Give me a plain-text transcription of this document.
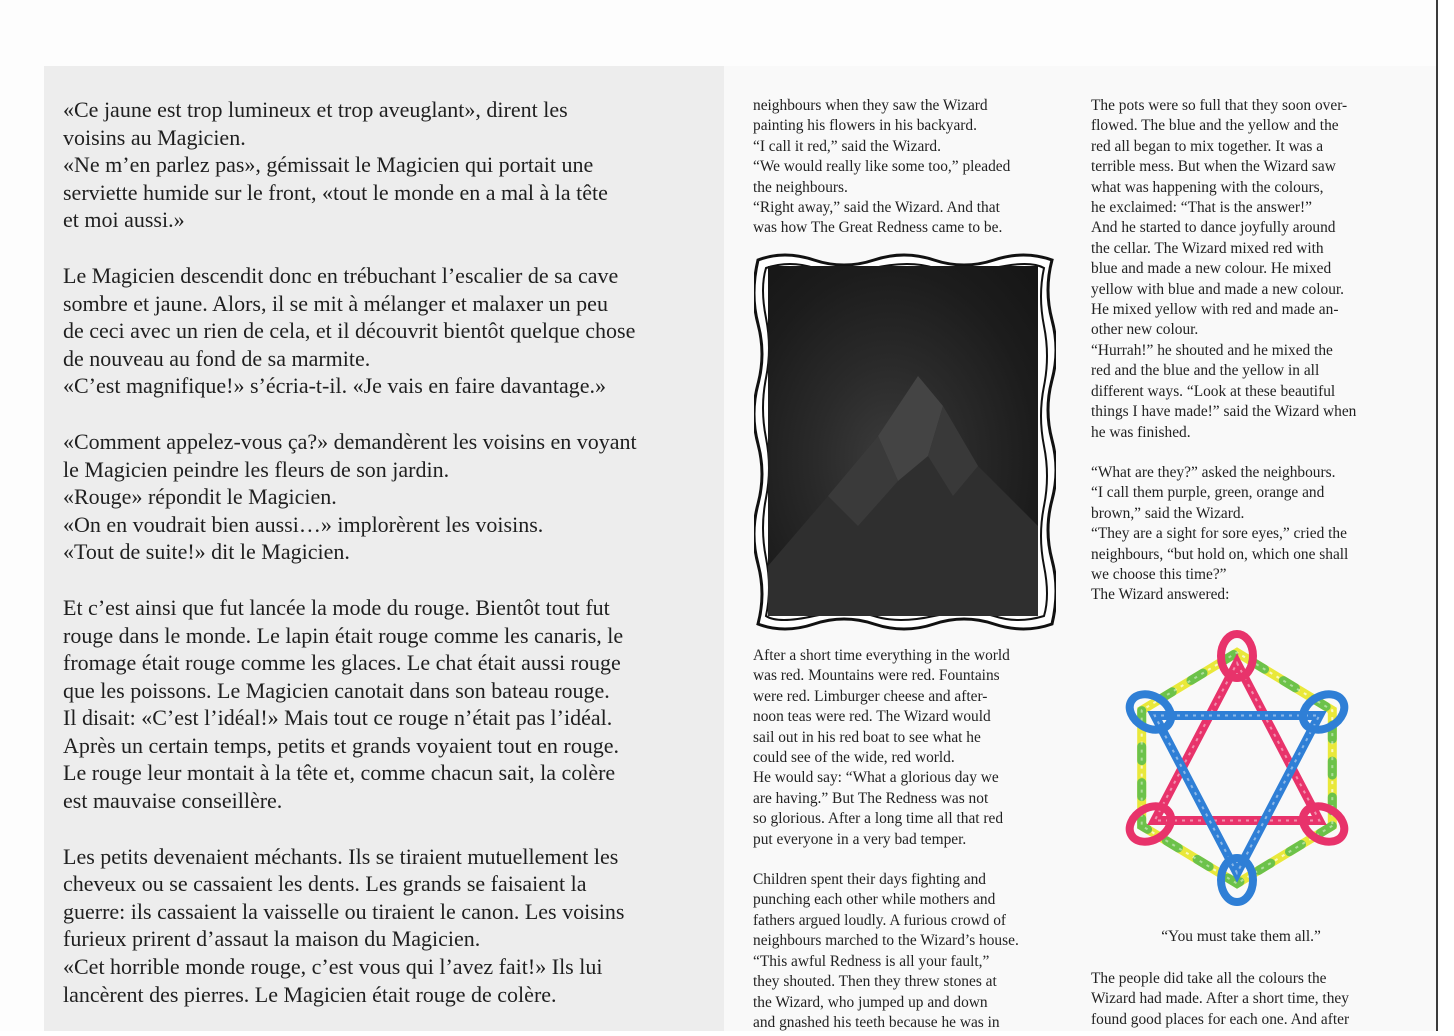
«Ce jaune est trop lumineux et trop aveuglant», dirent les
voisins au Magicien.
«Ne m’en parlez pas», gémissait le Magicien qui portait une
serviette humide sur le front, «tout le monde en a mal à la tête
et moi aussi.»

Le Magicien descendit donc en trébuchant l’escalier de sa cave
sombre et jaune. Alors, il se mit à mélanger et malaxer un peu
de ceci avec un rien de cela, et il découvrit bientôt quelque chose
de nouveau au fond de sa marmite.
«C’est magnifique!» s’écria-t-il. «Je vais en faire davantage.»

«Comment appelez-vous ça?» demandèrent les voisins en voyant
le Magicien peindre les fleurs de son jardin.
«Rouge» répondit le Magicien.
«On en voudrait bien aussi…» implorèrent les voisins.
«Tout de suite!» dit le Magicien.

Et c’est ainsi que fut lancée la mode du rouge. Bientôt tout fut
rouge dans le monde. Le lapin était rouge comme les canaris, le
fromage était rouge comme les glaces. Le chat était aussi rouge
que les poissons. Le Magicien canotait dans son bateau rouge.
Il disait: «C’est l’idéal!» Mais tout ce rouge n’était pas l’idéal.
Après un certain temps, petits et grands voyaient tout en rouge.
Le rouge leur montait à la tête et, comme chacun sait, la colère
est mauvaise conseillère.

Les petits devenaient méchants. Ils se tiraient mutuellement les
cheveux ou se cassaient les dents. Les grands se faisaient la
guerre: ils cassaient la vaisselle ou tiraient le canon. Les voisins
furieux prirent d’assaut la maison du Magicien.
«Cet horrible monde rouge, c’est vous qui l’avez fait!» Ils lui
lancèrent des pierres. Le Magicien était rouge de colère.

neighbours when they saw the Wizard
painting his flowers in his backyard.
“I call it red,” said the Wizard.
“We would really like some too,” pleaded
the neighbours.
“Right away,” said the Wizard. And that
was how The Great Redness came to be.

After a short time everything in the world
was red. Mountains were red. Fountains
were red. Limburger cheese and after-
noon teas were red. The Wizard would
sail out in his red boat to see what he
could see of the wide, red world.
He would say: “What a glorious day we
are having.” But The Redness was not
so glorious. After a long time all that red
put everyone in a very bad temper.
Children spent their days fighting and
punching each other while mothers and
fathers argued loudly. A furious crowd of
neighbours marched to the Wizard’s house.
“This awful Redness is all your fault,”
they shouted. Then they threw stones at
the Wizard, who jumped up and down
and gnashed his teeth because he was in
The pots were so full that they soon over-
flowed. The blue and the yellow and the
red all began to mix together. It was a
terrible mess. But when the Wizard saw
what was happening with the colours,
he exclaimed: “That is the answer!”
And he started to dance joyfully around
the cellar. The Wizard mixed red with
blue and made a new colour. He mixed
yellow with blue and made a new colour.
He mixed yellow with red and made an-
other new colour.
“Hurrah!” he shouted and he mixed the
red and the blue and the yellow in all
different ways. “Look at these beautiful
things I have made!” said the Wizard when
he was finished.
“What are they?” asked the neighbours.
“I call them purple, green, orange and
brown,” said the Wizard.
“They are a sight for sore eyes,” cried the
neighbours, “but hold on, which one shall
we choose this time?”
The Wizard answered:
“You must take them all.”
The people did take all the colours the
Wizard had made. After a short time, they
found good places for each one. And after
